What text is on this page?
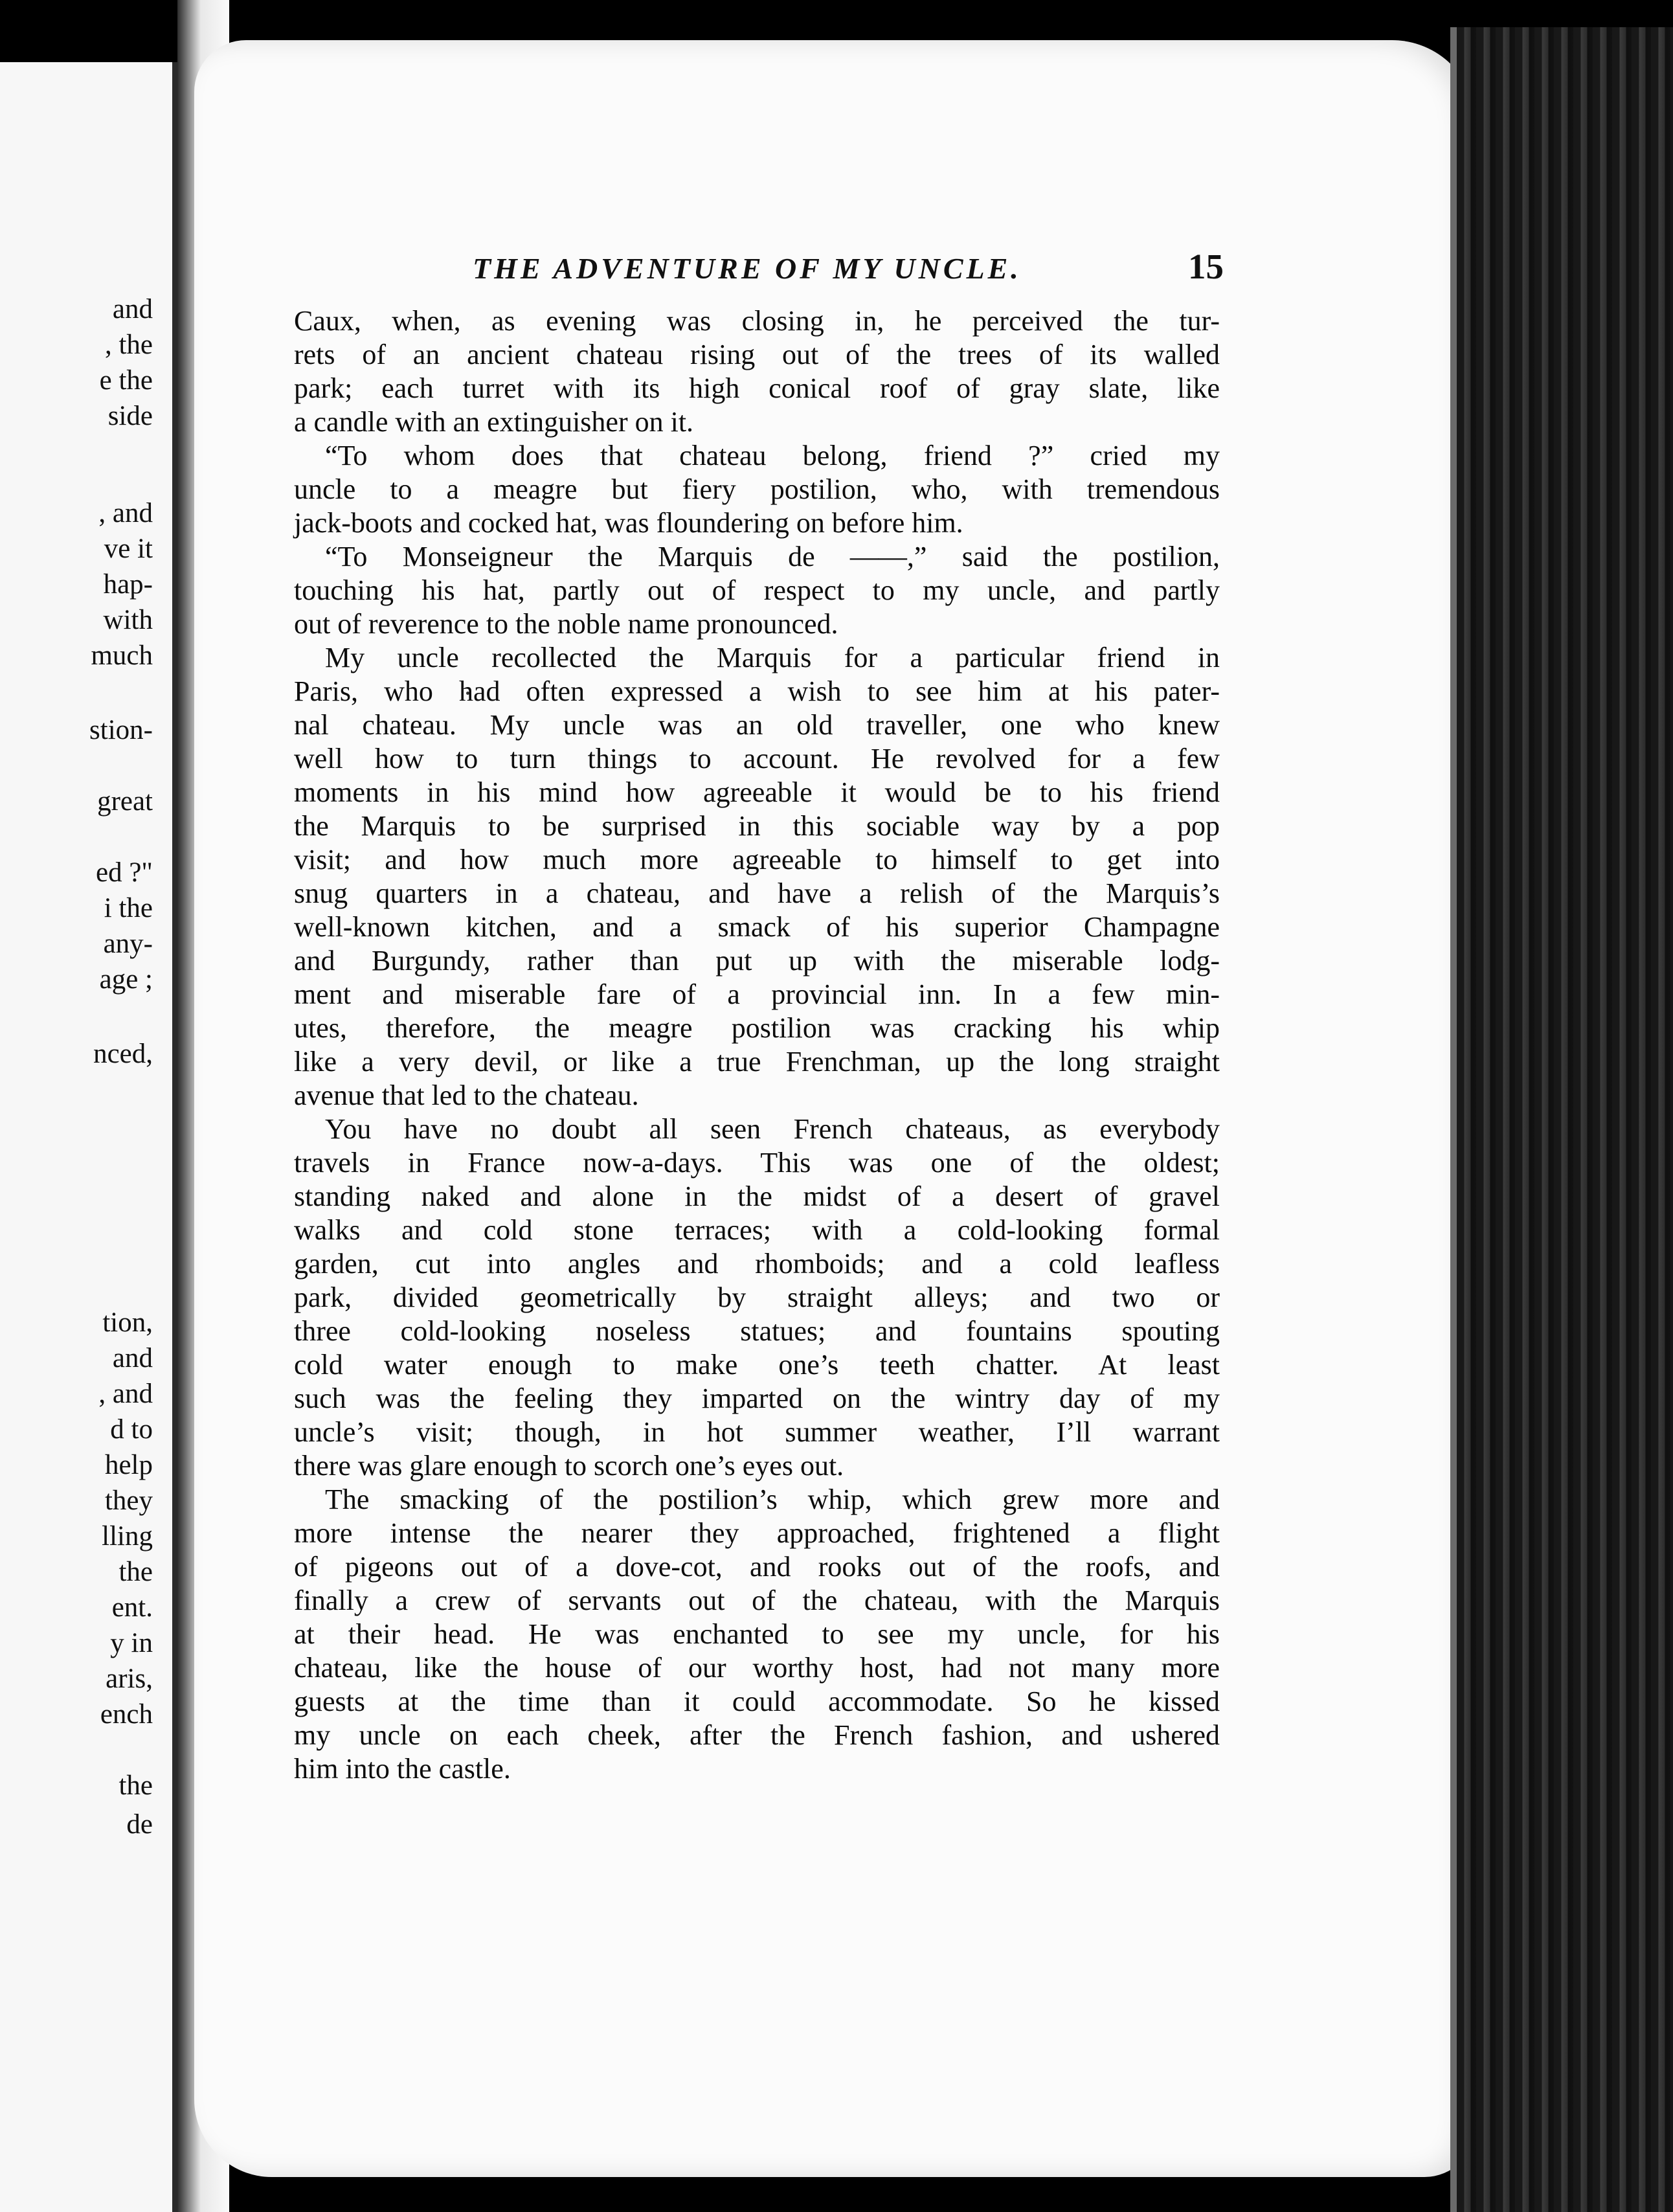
and
, the
e the
side
, and
ve it
hap-
with
much
stion-
great
ed ?"
i the
any-
age ;
nced,
tion,
and
, and
d to
help
they
lling
the
ent.
y in
aris,
ench
the
de
THE ADVENTURE OF MY UNCLE.	15
Caux, when, as evening was closing in, he perceived the tur-
rets of an ancient chateau rising out of the trees of its walled
park; each turret with its high conical roof of gray slate, like
a candle with an extinguisher on it.
“To whom does that chateau belong, friend ?” cried my
uncle to a meagre but fiery postilion, who, with tremendous
jack-boots and cocked hat, was floundering on before him.
“To Monseigneur the Marquis de ——,” said the postilion,
touching his hat, partly out of respect to my uncle, and partly
out of reverence to the noble name pronounced.
My uncle recollected the Marquis for a particular friend in
Paris, who had often expressed a wish to see him at his pater-
nal chateau. My uncle was an old traveller, one who knew
well how to turn things to account. He revolved for a few
moments in his mind how agreeable it would be to his friend
the Marquis to be surprised in this sociable way by a pop
visit; and how much more agreeable to himself to get into
snug quarters in a chateau, and have a relish of the Marquis’s
well-known kitchen, and a smack of his superior Champagne
and Burgundy, rather than put up with the miserable lodg-
ment and miserable fare of a provincial inn. In a few min-
utes, therefore, the meagre postilion was cracking his whip
like a very devil, or like a true Frenchman, up the long straight
avenue that led to the chateau.
You have no doubt all seen French chateaus, as everybody
travels in France now-a-days. This was one of the oldest;
standing naked and alone in the midst of a desert of gravel
walks and cold stone terraces; with a cold-looking formal
garden, cut into angles and rhomboids; and a cold leafless
park, divided geometrically by straight alleys; and two or
three cold-looking noseless statues; and fountains spouting
cold water enough to make one’s teeth chatter. At least
such was the feeling they imparted on the wintry day of my
uncle’s visit; though, in hot summer weather, I’ll warrant
there was glare enough to scorch one’s eyes out.
The smacking of the postilion’s whip, which grew more and
more intense the nearer they approached, frightened a flight
of pigeons out of a dove-cot, and rooks out of the roofs, and
finally a crew of servants out of the chateau, with the Marquis
at their head. He was enchanted to see my uncle, for his
chateau, like the house of our worthy host, had not many more
guests at the time than it could accommodate. So he kissed
my uncle on each cheek, after the French fashion, and ushered
him into the castle.
